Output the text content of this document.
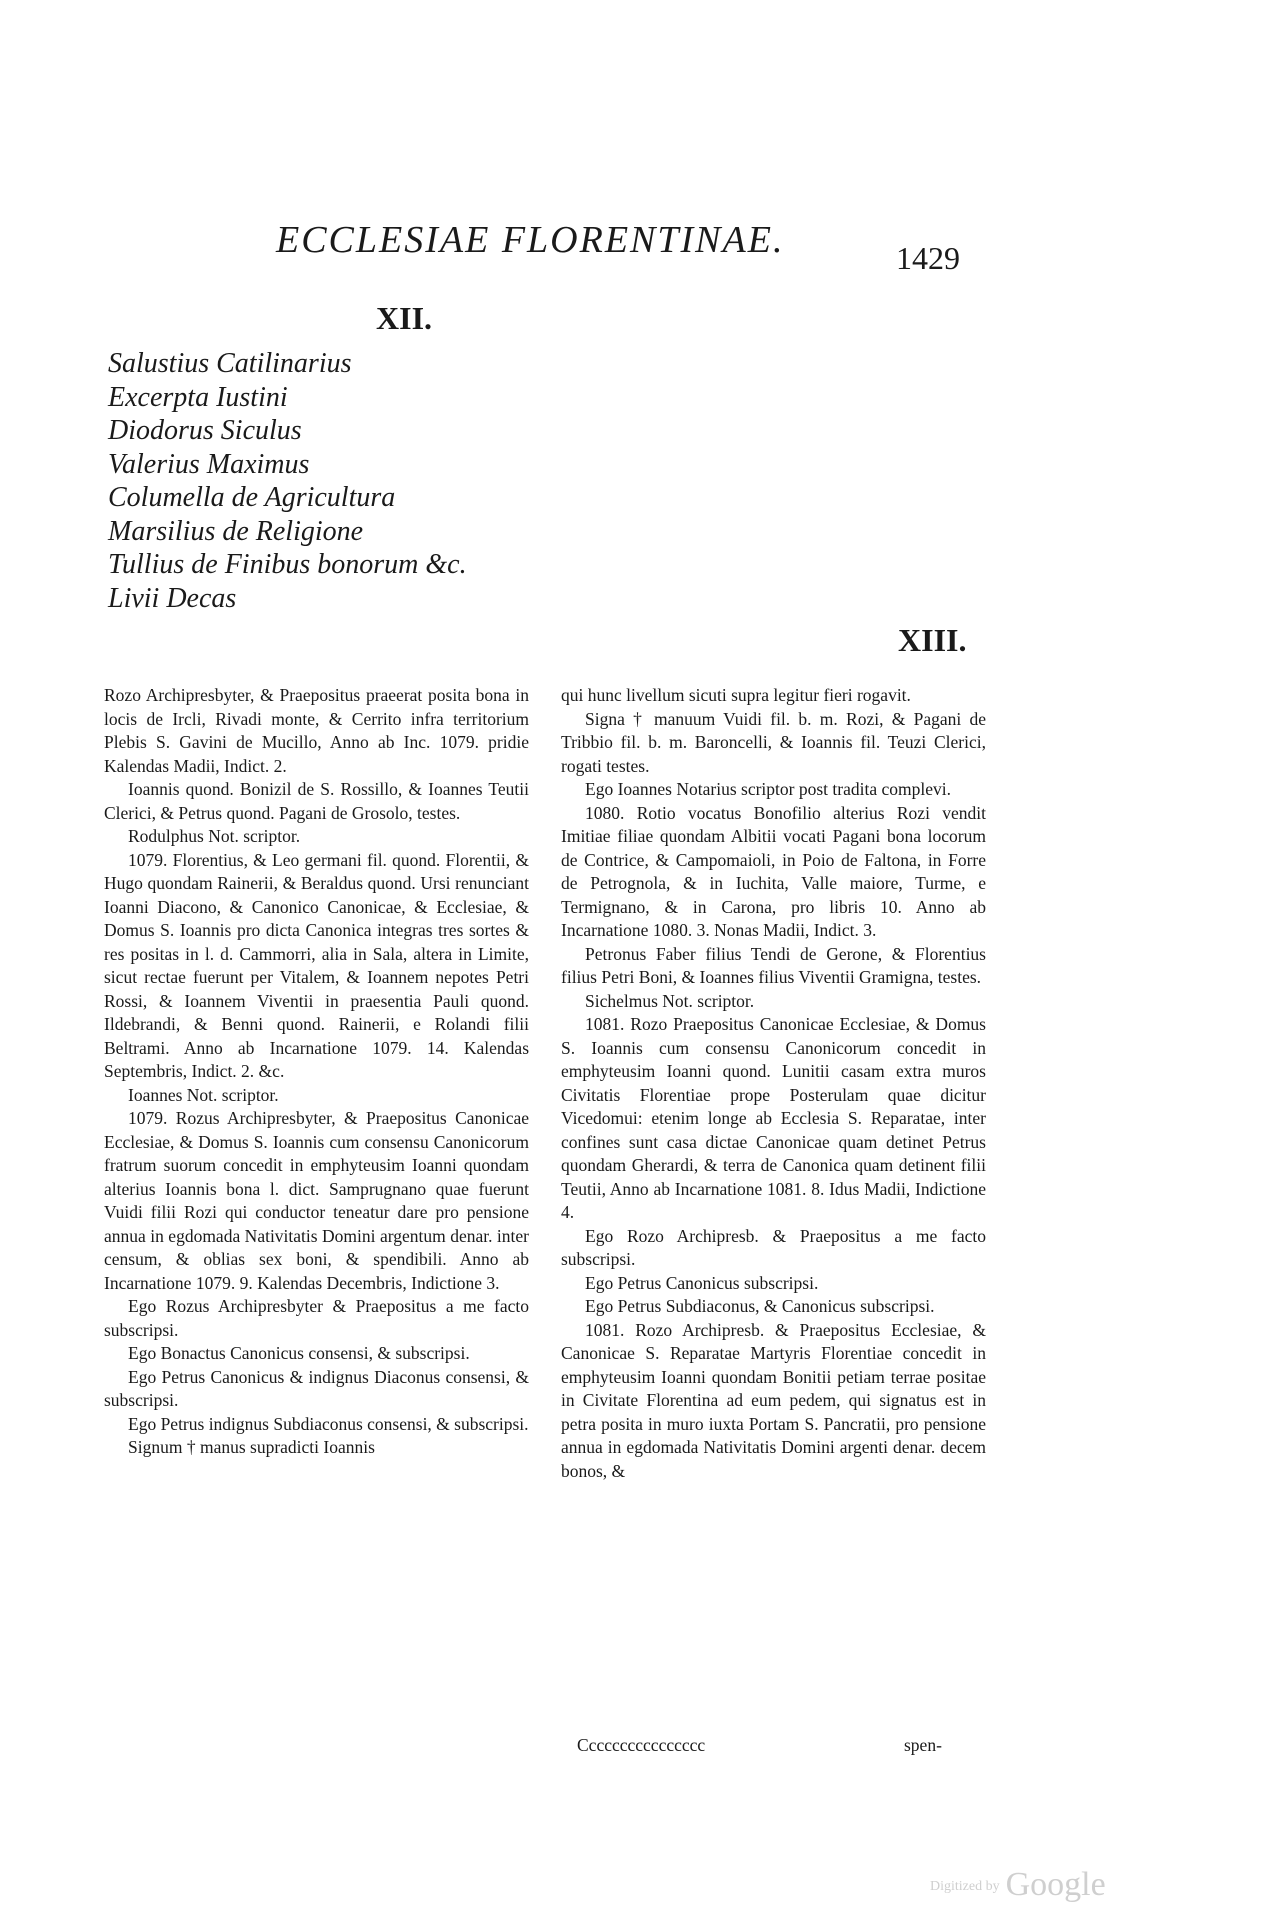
ECCLESIAE FLORENTINAE.	1429
XII.
Salustius Catilinarius
Excerpta Iustini
Diodorus Siculus
Valerius Maximus
Columella de Agricultura
Marsilius de Religione
Tullius de Finibus bonorum &c.
Livii Decas
XIII.

Rozo Archipresbyter, & Praepositus praeerat posita bona in locis de Ircli, Rivadi monte, & Cerrito infra territorium Plebis S. Gavini de Mucillo, Anno ab Inc. 1079. pridie Kalendas Madii, Indict. 2.

Ioannis quond. Bonizil de S. Rossillo, & Ioannes Teutii Clerici, & Petrus quond. Pagani de Grosolo, testes.

Rodulphus Not. scriptor.

1079. Florentius, & Leo germani fil. quond. Florentii, & Hugo quondam Rainerii, & Beraldus quond. Ursi renunciant Ioanni Diacono, & Canonico Canonicae, & Ecclesiae, & Domus S. Ioannis pro dicta Canonica integras tres sortes & res positas in l. d. Cammorri, alia in Sala, altera in Limite, sicut rectae fuerunt per Vitalem, & Ioannem nepotes Petri Rossi, & Ioannem Viventii in praesentia Pauli quond. Ildebrandi, & Benni quond. Rainerii, e Rolandi filii Beltrami. Anno ab Incarnatione 1079. 14. Kalendas Septembris, Indict. 2. &c.

Ioannes Not. scriptor.

1079. Rozus Archipresbyter, & Praepositus Canonicae Ecclesiae, & Domus S. Ioannis cum consensu Canonicorum fratrum suorum concedit in emphyteusim Ioanni quondam alterius Ioannis bona l. dict. Samprugnano quae fuerunt Vuidi filii Rozi qui conductor teneatur dare pro pensione annua in egdomada Nativitatis Domini argentum denar. inter censum, & oblias sex boni, & spendibili. Anno ab Incarnatione 1079. 9. Kalendas Decembris, Indictione 3.

Ego Rozus Archipresbyter & Praepositus a me facto subscripsi.

Ego Bonactus Canonicus consensi, & subscripsi.

Ego Petrus Canonicus & indignus Diaconus consensi, & subscripsi.

Ego Petrus indignus Subdiaconus consensi, & subscripsi.

Signum † manus supradicti Ioannis

qui hunc livellum sicuti supra legitur fieri rogavit.

Signa † manuum Vuidi fil. b. m. Rozi, & Pagani de Tribbio fil. b. m. Baroncelli, & Ioannis fil. Teuzi Clerici, rogati testes.

Ego Ioannes Notarius scriptor post tradita complevi.

1080. Rotio vocatus Bonofilio alterius Rozi vendit Imitiae filiae quondam Albitii vocati Pagani bona locorum de Contrice, & Campomaioli, in Poio de Faltona, in Forre de Petrognola, & in Iuchita, Valle maiore, Turme, e Termignano, & in Carona, pro libris 10. Anno ab Incarnatione 1080. 3. Nonas Madii, Indict. 3.

Petronus Faber filius Tendi de Gerone, & Florentius filius Petri Boni, & Ioannes filius Viventii Gramigna, testes.

Sichelmus Not. scriptor.

1081. Rozo Praepositus Canonicae Ecclesiae, & Domus S. Ioannis cum consensu Canonicorum concedit in emphyteusim Ioanni quond. Lunitii casam extra muros Civitatis Florentiae prope Posterulam quae dicitur Vicedomui: etenim longe ab Ecclesia S. Reparatae, inter confines sunt casa dictae Canonicae quam detinet Petrus quondam Gherardi, & terra de Canonica quam detinent filii Teutii, Anno ab Incarnatione 1081. 8. Idus Madii, Indictione 4.

Ego Rozo Archipresb. & Praepositus a me facto subscripsi.

Ego Petrus Canonicus subscripsi.

Ego Petrus Subdiaconus, & Canonicus subscripsi.

1081. Rozo Archipresb. & Praepositus Ecclesiae, & Canonicae S. Reparatae Martyris Florentiae concedit in emphyteusim Ioanni quondam Bonitii petiam terrae positae in Civitate Florentina ad eum pedem, qui signatus est in petra posita in muro iuxta Portam S. Pancratii, pro pensione annua in egdomada Nativitatis Domini argenti denar. decem bonos, &

Cccccccccccccccc	spen-
Digitized by Google
